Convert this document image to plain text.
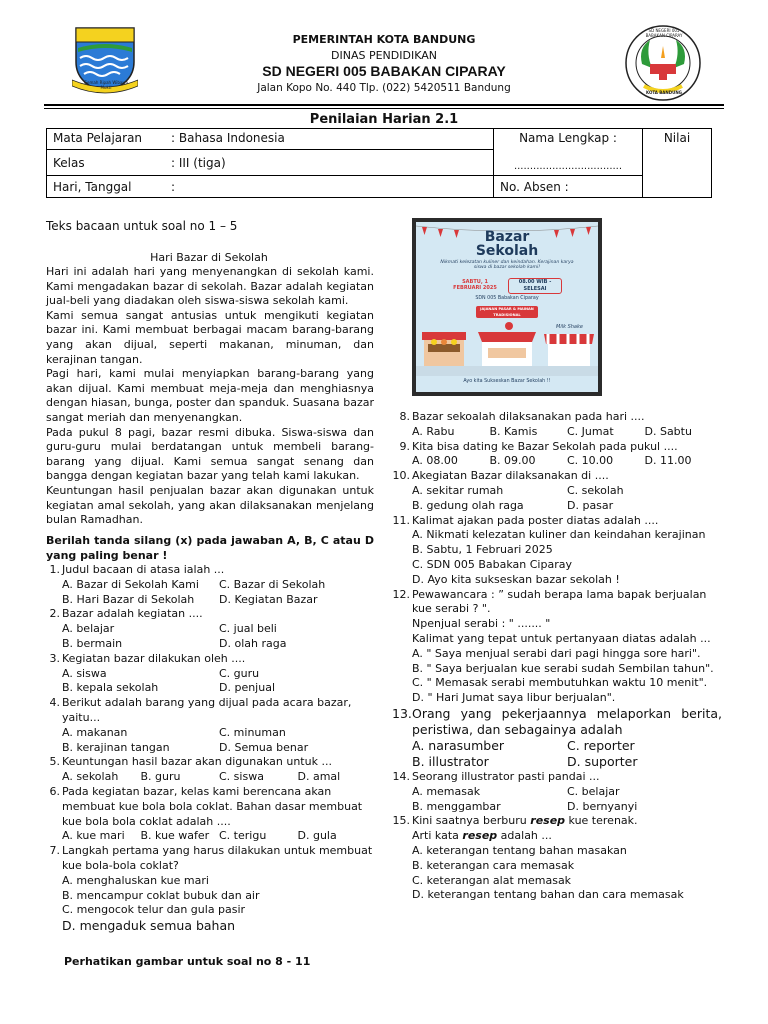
Gemah Ripah Wibawa Mukti
SD NEGERI 005 BABAKAN CIPARAY
KOTA BANDUNG
PEMERINTAH KOTA BANDUNG
DINAS PENDIDIKAN
SD NEGERI 005 BABAKAN CIPARAY
Jalan Kopo No. 440 Tlp. (022) 5420511 Bandung
Penilaian Harian 2.1
Mata Pelajaran : Bahasa Indonesia	Nama Lengkap :
..................................	Nilai
Kelas : III (tiga)		
Hari, Tanggal :	No. Absen :	
Teks bacaan untuk soal no 1 – 5
Hari Bazar di Sekolah
Hari ini adalah hari yang menyenangkan di sekolah kami. Kami mengadakan bazar di sekolah. Bazar adalah kegiatan jual-beli yang diadakan oleh siswa-siswa sekolah kami.
Kami semua sangat antusias untuk mengikuti kegiatan bazar ini. Kami membuat berbagai macam barang-barang yang akan dijual, seperti makanan, minuman, dan kerajinan tangan.
Pagi hari, kami mulai menyiapkan barang-barang yang akan dijual. Kami membuat meja-meja dan menghiasnya dengan hiasan, bunga, poster dan spanduk. Suasana bazar sangat meriah dan menyenangkan.
Pada pukul 8 pagi, bazar resmi dibuka. Siswa-siswa dan guru-guru mulai berdatangan untuk membeli barang-barang yang dijual. Kami semua sangat senang dan bangga dengan kegiatan bazar yang telah kami lakukan.
Keuntungan hasil penjualan bazar akan digunakan untuk kegiatan amal sekolah, yang akan dilaksanakan menjelang bulan Ramadhan.
Berilah tanda silang (x) pada jawaban A, B, C atau D yang paling benar !
1. Judul bacaan di atasa ialah ...
A. Bazar di Sekolah Kami	C. Bazar di Sekolah
B. Hari Bazar di Sekolah	D. Kegiatan Bazar
2. Bazar adalah kegiatan ....
A. belajar	C. jual beli
B. bermain	D. olah raga
3. Kegiatan bazar dilakukan oleh ....
A. siswa	C. guru
B. kepala sekolah	D. penjual
4. Berikut adalah barang yang dijual pada acara bazar, yaitu...
A. makanan	C. minuman
B. kerajinan tangan	D. Semua benar
5. Keuntungan hasil bazar akan digunakan untuk ...
A. sekolah	B. guru	C. siswa	D. amal
6. Pada kegiatan bazar, kelas kami berencana akan membuat kue bola bola coklat. Bahan dasar membuat kue bola bola coklat adalah ....
A. kue mari	B. kue wafer C. terigu	D. gula
7. Langkah pertama yang harus dilakukan untuk membuat kue bola-bola coklat?
A. menghaluskan kue mari
B. mencampur coklat bubuk dan air
C. mengocok telur dan gula pasir
D. mengaduk semua bahan
Perhatikan gambar untuk soal no 8 - 11
Bazar
Sekolah
Nikmati kelezatan kuliner dan keindahan. Kerajinan karya siswa di bazar sekolah kami!
SABTU, 1 FEBRUARI 2025
08.00 WIB - SELESAI
SDN 005 Babakan Ciparay
JAJANAN PASAR & MAINAN TRADISIONAL
Milk Shake
Ayo kita Sukseskan Bazar Sekolah !!
8. Bazar sekoalah dilaksanakan pada hari ....
A. Rabu	B. Kamis	C. Jumat	D. Sabtu
9. Kita bisa dating ke Bazar Sekolah pada pukul ....
A. 08.00	B. 09.00	C. 10.00	D. 11.00
10. Akegiatan Bazar dilaksanakan di ....
A. sekitar rumah	C. sekolah
B. gedung olah raga	D. pasar
11. Kalimat ajakan pada poster diatas adalah ....
A. Nikmati kelezatan kuliner dan keindahan kerajinan
B. Sabtu, 1 Februari 2025
C. SDN 005 Babakan Ciparay
D. Ayo kita sukseskan bazar sekolah !
12. Pewawancara : ” sudah berapa lama bapak berjualan kue serabi ? ".
Npenjual serabi : " ....... "
Kalimat yang tepat untuk pertanyaan diatas adalah ...
A. " Saya menjual serabi dari pagi hingga sore hari".
B. " Saya berjualan kue serabi sudah Sembilan tahun".
C. " Memasak serabi membutuhkan waktu 10 menit".
D. " Hari Jumat saya libur berjualan".
13. Orang yang pekerjaannya melaporkan berita, peristiwa, dan sebagainya adalah
A. narasumber	C. reporter
B. illustrator	D. suporter
14. Seorang illustrator pasti pandai ...
A. memasak	C. belajar
B. menggambar	D. bernyanyi
15. Kini saatnya berburu resep kue terenak.
Arti kata resep adalah ...
A. keterangan tentang bahan masakan
B. keterangan cara memasak
C. keterangan alat memasak
D. keterangan tentang bahan dan cara memasak
